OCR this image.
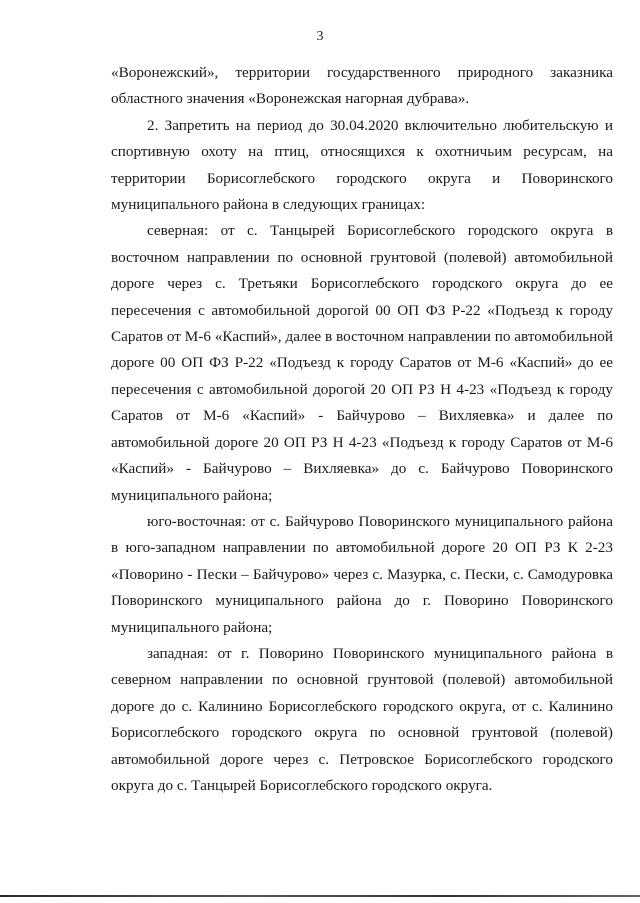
3

«Воронежский», территории государственного природного заказника областного значения «Воронежская нагорная дубрава».

2. Запретить на период до 30.04.2020 включительно любительскую и спортивную охоту на птиц, относящихся к охотничьим ресурсам, на территории Борисоглебского городского округа и Поворинского муниципального района в следующих границах:

северная: от с. Танцырей Борисоглебского городского округа в восточном направлении по основной грунтовой (полевой) автомобильной дороге через с. Третьяки Борисоглебского городского округа до ее пересечения с автомобильной дорогой 00 ОП ФЗ Р-22 «Подъезд к городу Саратов от М-6 «Каспий», далее в восточном направлении по автомобильной дороге 00 ОП ФЗ Р-22 «Подъезд к городу Саратов от М-6 «Каспий» до ее пересечения с автомобильной дорогой 20 ОП РЗ Н 4-23 «Подъезд к городу Саратов от М-6 «Каспий» - Байчурово – Вихляевка» и далее по автомобильной дороге 20 ОП РЗ Н 4-23 «Подъезд к городу Саратов от М-6 «Каспий» - Байчурово – Вихляевка» до с. Байчурово Поворинского муниципального района;

юго-восточная: от с. Байчурово Поворинского муниципального района в юго-западном направлении по автомобильной дороге 20 ОП РЗ К 2-23 «Поворино - Пески – Байчурово» через с. Мазурка, с. Пески, с. Самодуровка Поворинского муниципального района до г. Поворино Поворинского муниципального района;

западная: от г. Поворино Поворинского муниципального района в северном направлении по основной грунтовой (полевой) автомобильной дороге до с. Калинино Борисоглебского городского округа, от с. Калинино Борисоглебского городского округа по основной грунтовой (полевой) автомобильной дороге через с. Петровское Борисоглебского городского округа до с. Танцырей Борисоглебского городского округа.
